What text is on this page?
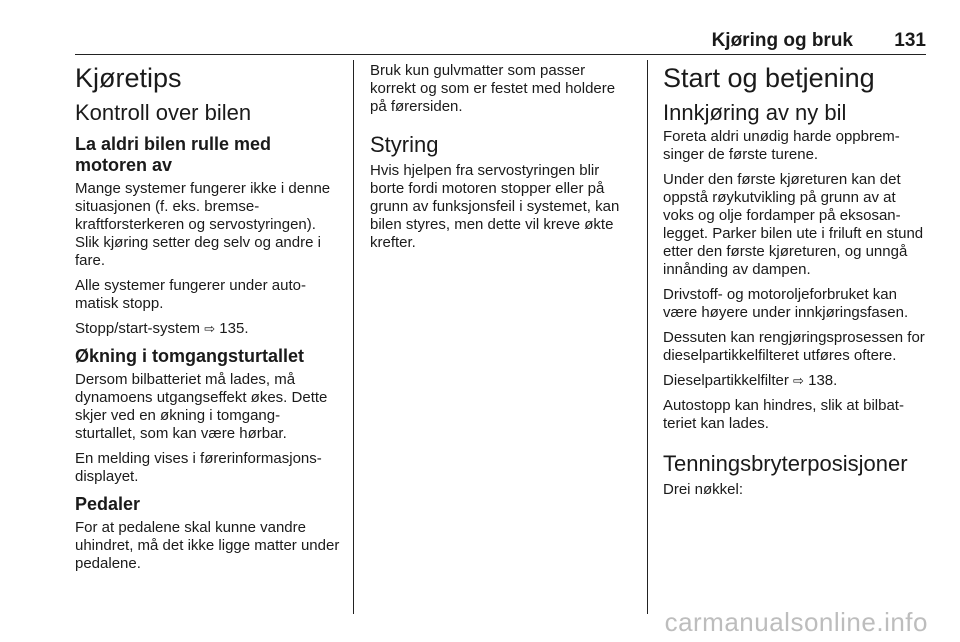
Kjøring og bruk 131
Kjøretips
Kontroll over bilen
La aldri bilen rulle med motoren av

Mange systemer fungerer ikke i denne situasjonen (f. eks. bremse-kraftforsterkeren og servostyringen). Slik kjøring setter deg selv og andre i fare.

Alle systemer fungerer under auto-matisk stopp.

Stopp/start-system ⇨ 135.

Økning i tomgangsturtallet

Dersom bilbatteriet må lades, må dynamoens utgangseffekt økes. Dette skjer ved en økning i tomgang-sturtallet, som kan være hørbar.

En melding vises i førerinformasjons-displayet.

Pedaler

For at pedalene skal kunne vandre uhindret, må det ikke ligge matter under pedalene.

Bruk kun gulvmatter som passer korrekt og som er festet med holdere på førersiden.

Styring

Hvis hjelpen fra servostyringen blir borte fordi motoren stopper eller på grunn av funksjonsfeil i systemet, kan bilen styres, men dette vil kreve økte krefter.

Start og betjening
Innkjøring av ny bil

Foreta aldri unødig harde oppbrem-singer de første turene.

Under den første kjøreturen kan det oppstå røykutvikling på grunn av at voks og olje fordamper på eksosan-legget. Parker bilen ute i friluft en stund etter den første kjøreturen, og unngå innånding av dampen.

Drivstoff- og motoroljeforbruket kan være høyere under innkjøringsfasen.

Dessuten kan rengjøringsprosessen for dieselpartikkelfilteret utføres oftere.

Dieselpartikkelfilter ⇨ 138.

Autostopp kan hindres, slik at bilbat-teriet kan lades.

Tenningsbryterposisjoner

Drei nøkkel:

carmanualsonline.info
